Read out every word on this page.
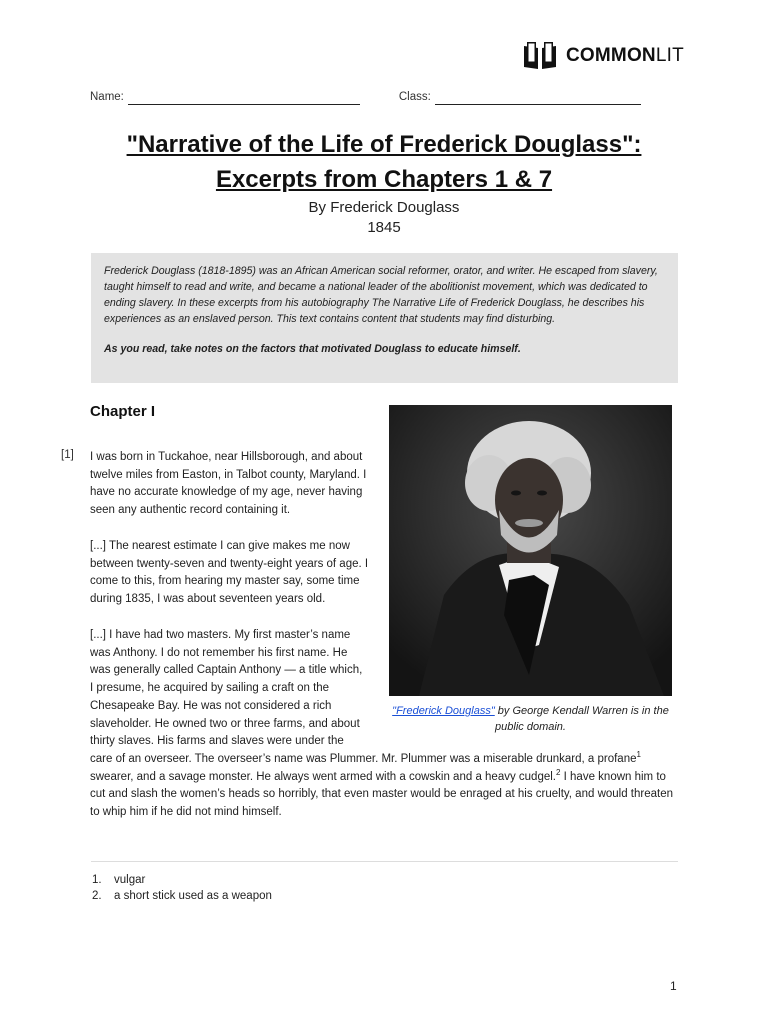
COMMONLIT
Name:	Class:
"Narrative of the Life of Frederick Douglass":
Excerpts from Chapters 1 & 7
By Frederick Douglass
1845
Frederick Douglass (1818-1895) was an African American social reformer, orator, and writer. He escaped from slavery, taught himself to read and write, and became a national leader of the abolitionist movement, which was dedicated to ending slavery. In these excerpts from his autobiography The Narrative Life of Frederick Douglass, he describes his experiences as an enslaved person. This text contains content that students may find disturbing.
As you read, take notes on the factors that motivated Douglass to educate himself.
Chapter I
"Frederick Douglass" by George Kendall Warren is in the public domain.
[1] I was born in Tuckahoe, near Hillsborough, and about twelve miles from Easton, in Talbot county, Maryland. I have no accurate knowledge of my age, never having seen any authentic record containing it.
[...] The nearest estimate I can give makes me now between twenty-seven and twenty-eight years of age. I come to this, from hearing my master say, some time during 1835, I was about seventeen years old.
[...] I have had two masters. My first master’s name
was Anthony. I do not remember his first name. He
was generally called Captain Anthony — a title which,
I presume, he acquired by sailing a craft on the
Chesapeake Bay. He was not considered a rich
slaveholder. He owned two or three farms, and about
thirty slaves. His farms and slaves were under the
care of an overseer. The overseer’s name was Plummer. Mr. Plummer was a miserable drunkard, a profane$^1$ swearer, and a savage monster. He always went armed with a cowskin and a heavy cudgel.$^2$ I have known him to cut and slash the women’s heads so horribly, that even master would be enraged at his cruelty, and would threaten to whip him if he did not mind himself.
1. vulgar
2. a short stick used as a weapon
1
